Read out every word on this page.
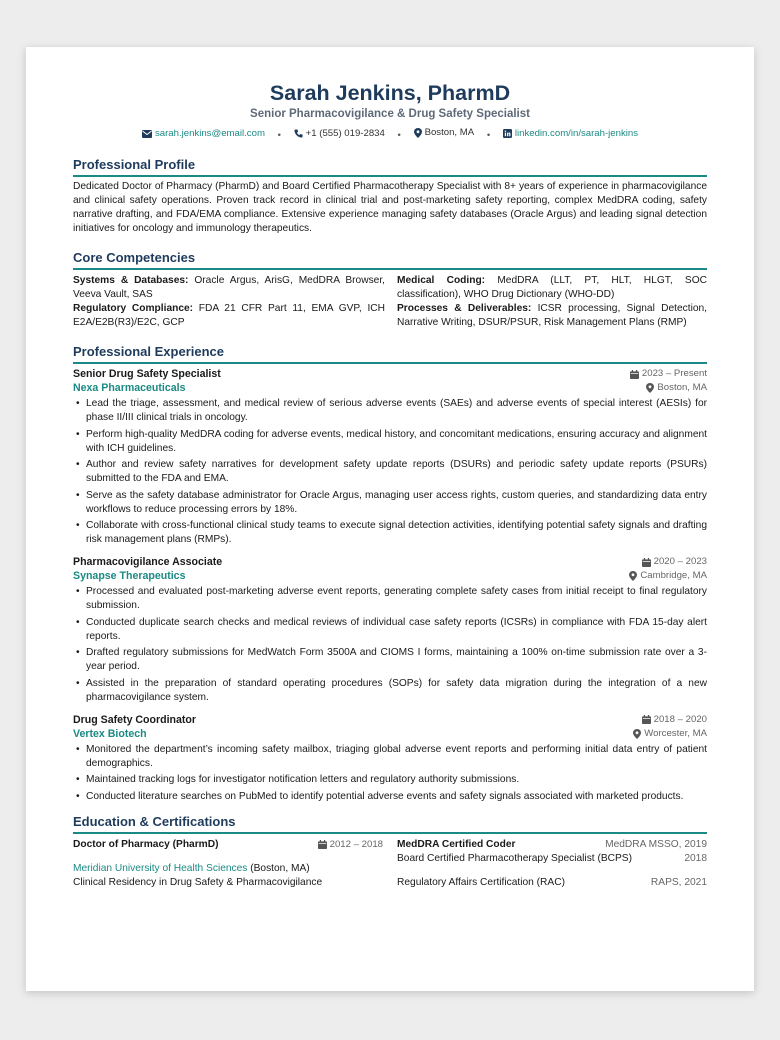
Sarah Jenkins, PharmD
Senior Pharmacovigilance & Drug Safety Specialist
sarah.jenkins@email.com •	+1 (555) 019-2834 • Boston, MA •	linkedin.com/in/sarah-jenkins
Professional Profile
Dedicated Doctor of Pharmacy (PharmD) and Board Certified Pharmacotherapy Specialist with 8+ years of experience in pharmacovigilance and clinical safety operations. Proven track record in clinical trial and post-marketing safety reporting, complex MedDRA coding, safety narrative drafting, and FDA/EMA compliance. Extensive experience managing safety databases (Oracle Argus) and leading signal detection initiatives for oncology and immunology therapeutics.
Core Competencies
Systems & Databases: Oracle Argus, ArisG, MedDRA Browser, Veeva Vault, SAS
Medical Coding: MedDRA (LLT, PT, HLT, HLGT, SOC classification), WHO Drug Dictionary (WHO-DD)
Regulatory Compliance: FDA 21 CFR Part 11, EMA GVP, ICH E2A/E2B(R3)/E2C, GCP
Processes & Deliverables: ICSR processing, Signal Detection, Narrative Writing, DSUR/PSUR, Risk Management Plans (RMP)
Professional Experience
Senior Drug Safety Specialist	2023 – Present
Nexa Pharmaceuticals	Boston, MA
• Lead the triage, assessment, and medical review of serious adverse events (SAEs) and adverse events of special interest (AESIs) for phase II/III clinical trials in oncology.
• Perform high-quality MedDRA coding for adverse events, medical history, and concomitant medications, ensuring accuracy and alignment with ICH guidelines.
• Author and review safety narratives for development safety update reports (DSURs) and periodic safety update reports (PSURs) submitted to the FDA and EMA.
• Serve as the safety database administrator for Oracle Argus, managing user access rights, custom queries, and standardizing data entry workflows to reduce processing errors by 18%.
• Collaborate with cross-functional clinical study teams to execute signal detection activities, identifying potential safety signals and drafting risk management plans (RMPs).
Pharmacovigilance Associate	2020 – 2023
Synapse Therapeutics	Cambridge, MA
• Processed and evaluated post-marketing adverse event reports, generating complete safety cases from initial receipt to final regulatory submission.
• Conducted duplicate search checks and medical reviews of individual case safety reports (ICSRs) in compliance with FDA 15-day alert reports.
• Drafted regulatory submissions for MedWatch Form 3500A and CIOMS I forms, maintaining a 100% on-time submission rate over a 3-year period.
• Assisted in the preparation of standard operating procedures (SOPs) for safety data migration during the integration of a new pharmacovigilance system.
Drug Safety Coordinator	2018 – 2020
Vertex Biotech	Worcester, MA
• Monitored the department’s incoming safety mailbox, triaging global adverse event reports and performing initial data entry of patient demographics.
• Maintained tracking logs for investigator notification letters and regulatory authority submissions.
• Conducted literature searches on PubMed to identify potential adverse events and safety signals associated with marketed products.
Education & Certifications
Doctor of Pharmacy (PharmD)	2012 – 2018
Meridian University of Health Sciences (Boston, MA)
Clinical Residency in Drug Safety & Pharmacovigilance
MedDRA Certified Coder	MedDRA MSSO, 2019
Board Certified Pharmacotherapy Specialist (BCPS)	2018
Regulatory Affairs Certification (RAC)	RAPS, 2021
